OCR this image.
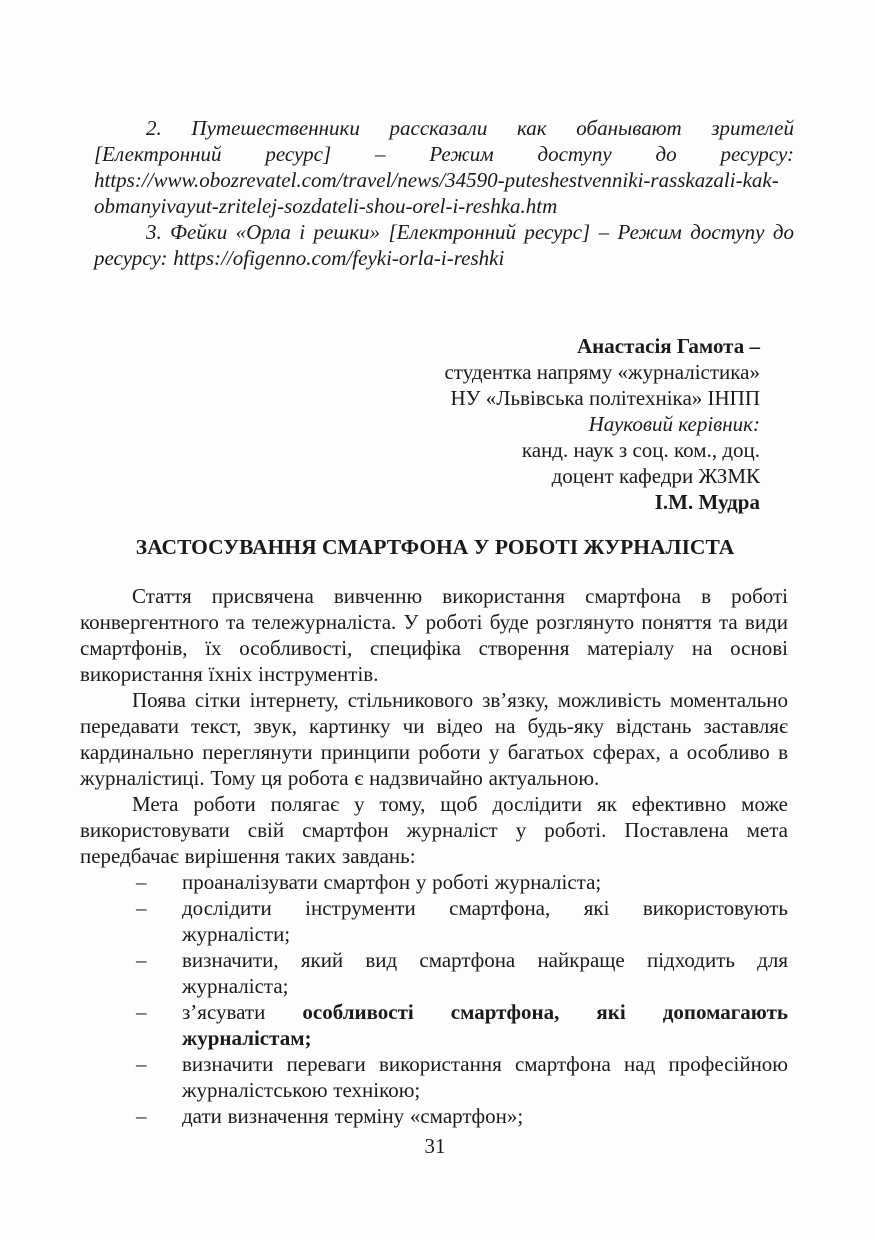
2. Путешественники рассказали как обанывают зрителей [Електронний ресурс] – Режим доступу до ресурсу: https://www.obozrevatel.com/travel/news/34590-puteshestvenniki-rasskazali-kak-obmanyivayut-zritelej-sozdateli-shou-orel-i-reshka.htm

3. Фейки «Орла і решки» [Електронний ресурс] – Режим доступу до ресурсу: https://ofigenno.com/feyki-orla-i-reshki

Анастасія Гамота –
студентка напряму «журналістика»
НУ «Львівська політехніка» ІНПП
Науковий керівник:
канд. наук з соц. ком., доц.
доцент кафедри ЖЗМК
І.М. Мудра
ЗАСТОСУВАННЯ СМАРТФОНА У РОБОТІ ЖУРНАЛІСТА

Стаття присвячена вивченню використання смартфона в роботі конвергентного та тележурналіста. У роботі буде розглянуто поняття та види смартфонів, їх особливості, специфіка створення матеріалу на основі використання їхніх інструментів.

Поява сітки інтернету, стільникового зв’язку, можливість моментально передавати текст, звук, картинку чи відео на будь-яку відстань заставляє кардинально переглянути принципи роботи у багатьох сферах, а особливо в журналістиці. Тому ця робота є надзвичайно актуальною.

Мета роботи полягає у тому, щоб дослідити як ефективно може використовувати свій смартфон журналіст у роботі. Поставлена мета передбачає вирішення таких завдань:

– проаналізувати смартфон у роботі журналіста;
– дослідити інструменти смартфона, які використовують журналісти;
– визначити, який вид смартфона найкраще підходить для журналіста;
– з’ясувати особливості смартфона, які допомагають журналістам;
– визначити переваги використання смартфона над професійною журналістською технікою;
– дати визначення терміну «смартфон»;
31
